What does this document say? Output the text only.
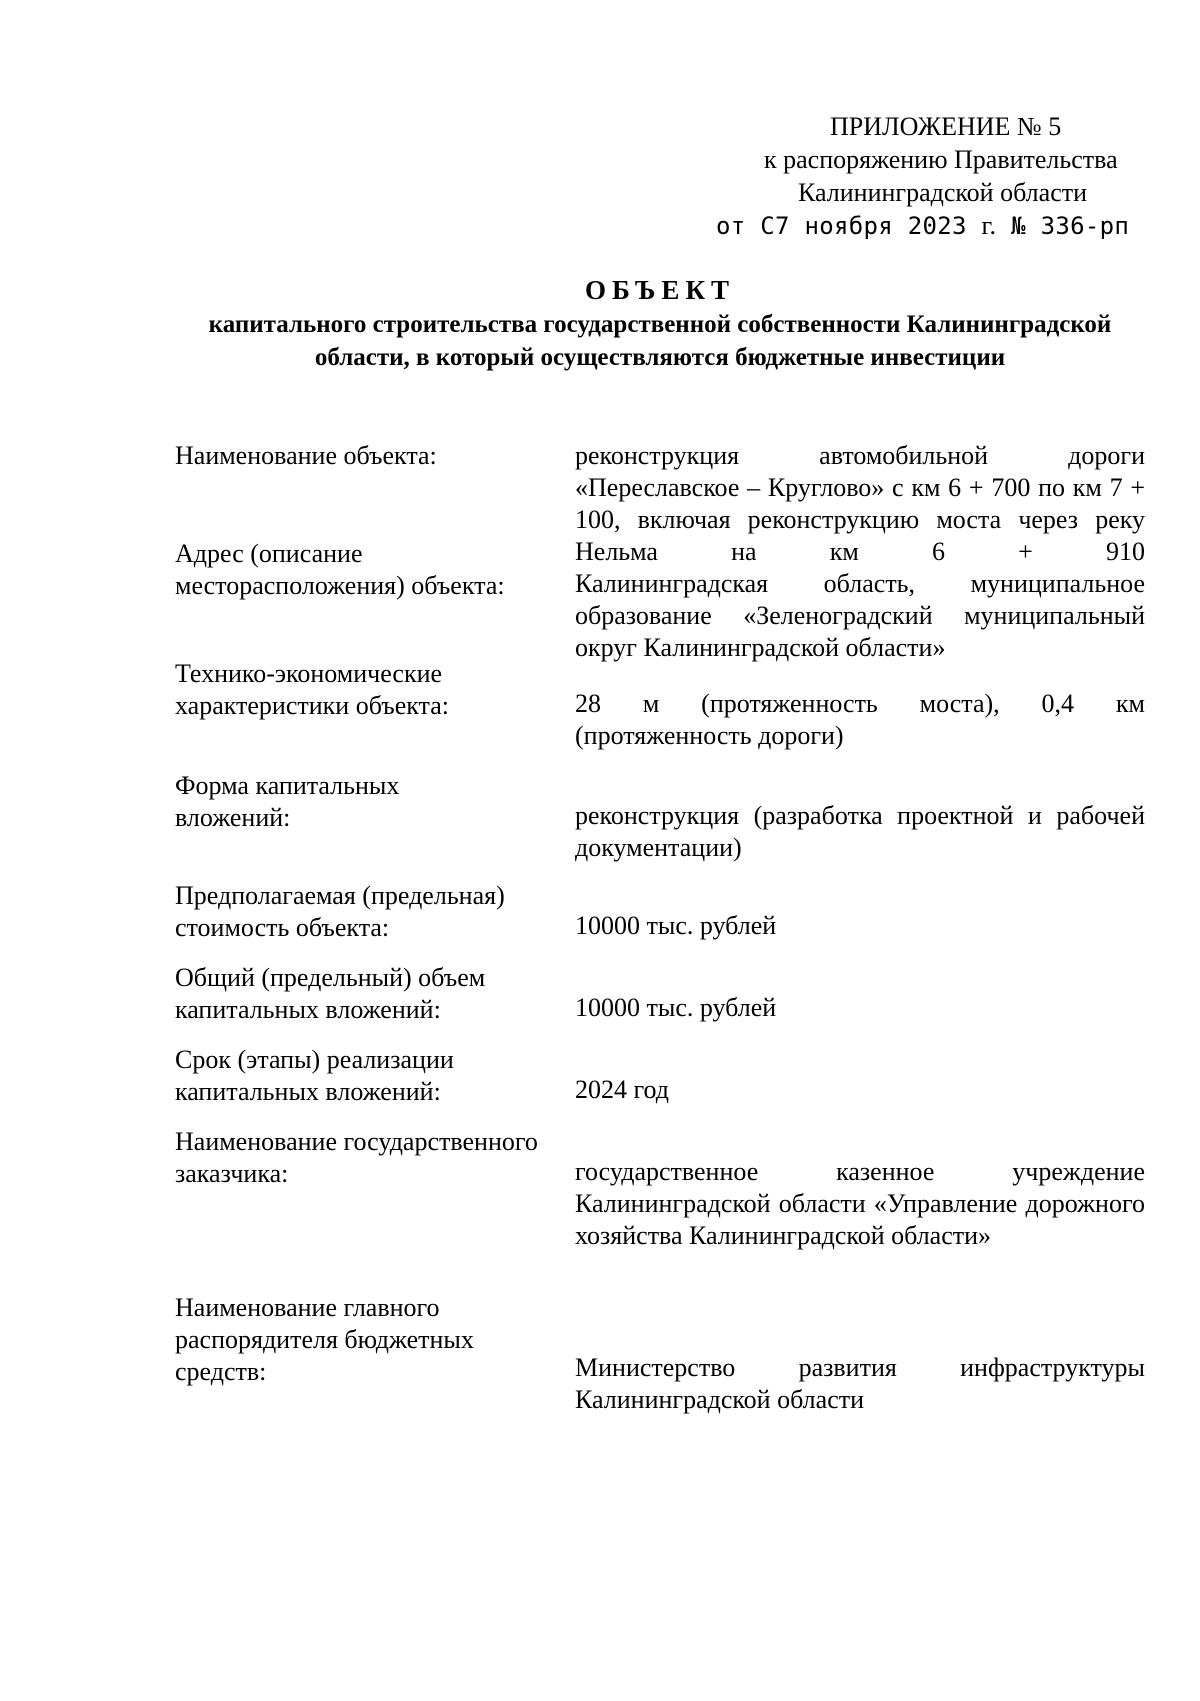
ПРИЛОЖЕНИЕ № 5
к распоряжению Правительства
Калининградской области
от С7 ноября 2023 г. № 336-рп
ОБЪЕКТ
капитального строительства государственной собственности Калининградской области, в который осуществляются бюджетные инвестиции
Наименование объекта:	реконструкция автомобильной дороги «Переславское – Круглово» с км 6 + 700 по км 7 + 100, включая реконструкцию моста через реку Нельма на км 6 + 910
Адрес (описание месторасположения) объекта:	Калининградская область, муниципальное образование «Зеленоградский муниципальный округ Калининградской области»
Технико-экономические характеристики объекта:	28 м (протяженность моста), 0,4 км (протяженность дороги)
Форма капитальных вложений:	реконструкция (разработка проектной и рабочей документации)
Предполагаемая (предельная) стоимость объекта:	10000 тыс. рублей
Общий (предельный) объем капитальных вложений:	10000 тыс. рублей
Срок (этапы) реализации капитальных вложений:	2024 год
Наименование государственного заказчика:	государственное казенное учреждение Калининградской области «Управление дорожного хозяйства Калининградской области»
Наименование главного распорядителя бюджетных средств:	Министерство развития инфраструктуры Калининградской области
